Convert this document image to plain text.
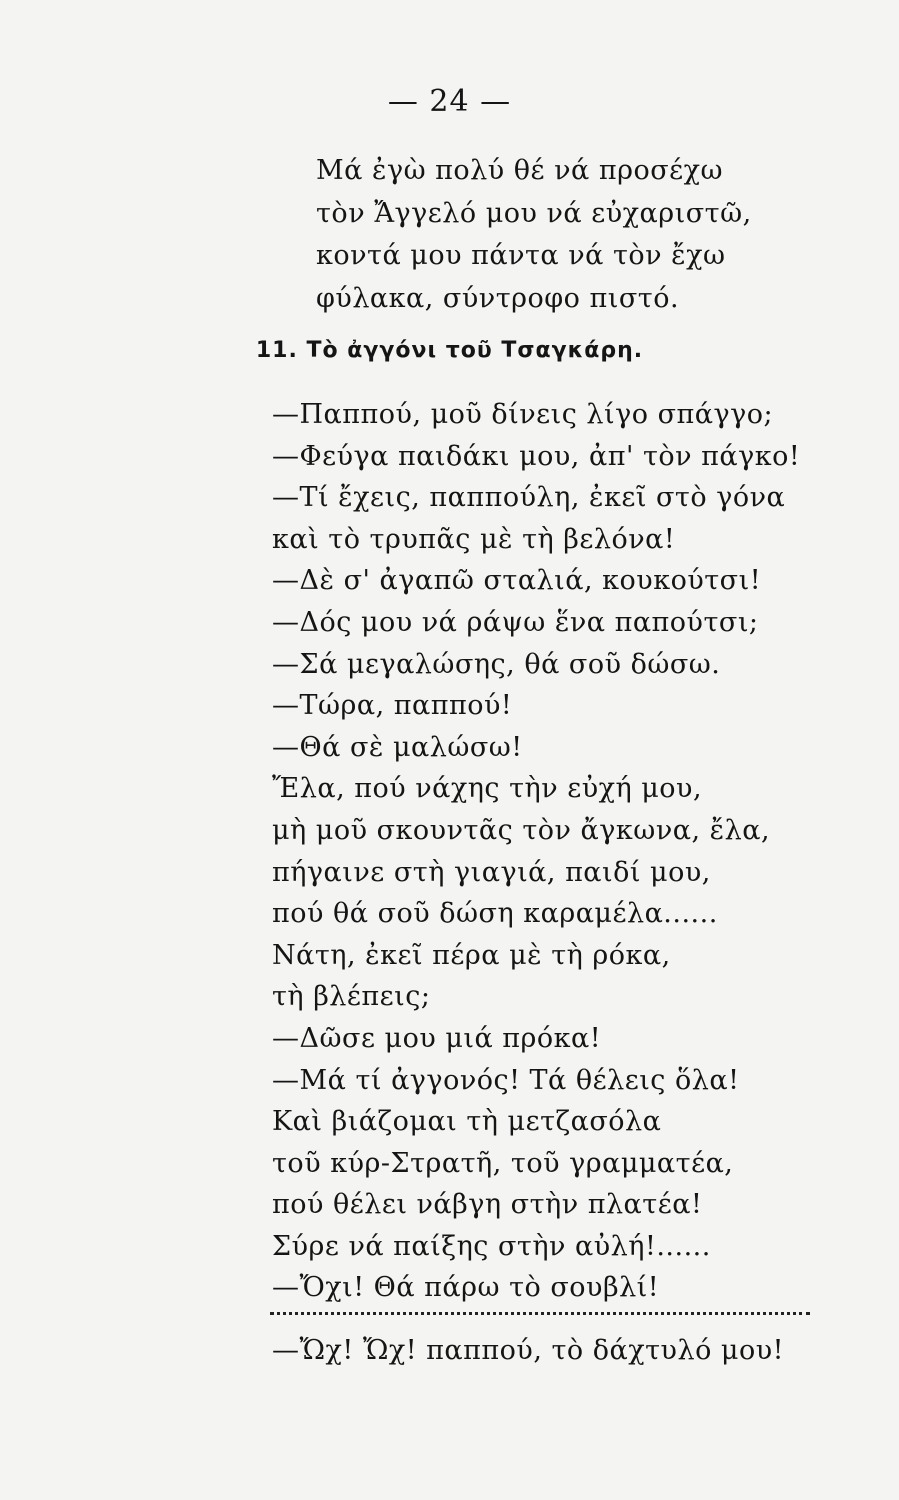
— 24 —
Μά ἐγὼ πολύ θέ νά προσέχω
τὸν Ἄγγελό μου νά εὐχαριστῶ,
κοντά μου πάντα νά τὸν ἔχω
φύλακα, σύντροφο πιστό.
11. Τὸ ἀγγόνι τοῦ Τσαγκάρη.
—Παππού, μοῦ δίνεις λίγο σπάγγο;
—Φεύγα παιδάκι μου, ἀπ' τὸν πάγκο!
—Τί ἔχεις, παππούλη, ἐκεῖ στὸ γόνα
καὶ τὸ τρυπᾶς μὲ τὴ βελόνα!
—Δὲ σ' ἀγαπῶ σταλιά, κουκούτσι!
—Δός μου νά ράψω ἕνα παπούτσι;
—Σά μεγαλώσης, θά σοῦ δώσω.
—Τώρα, παππού!
—Θά σὲ μαλώσω!
Ἔλα, πού νάχης τὴν εὐχή μου,
μὴ μοῦ σκουντᾶς τὸν ἄγκωνα, ἔλα,
πήγαινε στὴ γιαγιά, παιδί μου,
πού θά σοῦ δώση καραμέλα......
Νάτη, ἐκεῖ πέρα μὲ τὴ ρόκα,
τὴ βλέπεις;
—Δῶσε μου μιά πρόκα!
—Μά τί ἀγγονός! Τά θέλεις ὅλα!
Καὶ βιάζομαι τὴ μετζασόλα
τοῦ κύρ-Στρατῆ, τοῦ γραμματέα,
πού θέλει νάβγη στὴν πλατέα!
Σύρε νά παίξης στὴν αὐλή!......
—Ὄχι! Θά πάρω τὸ σουβλί!
—Ὤχ! Ὤχ! παππού, τὸ δάχτυλό μου!
